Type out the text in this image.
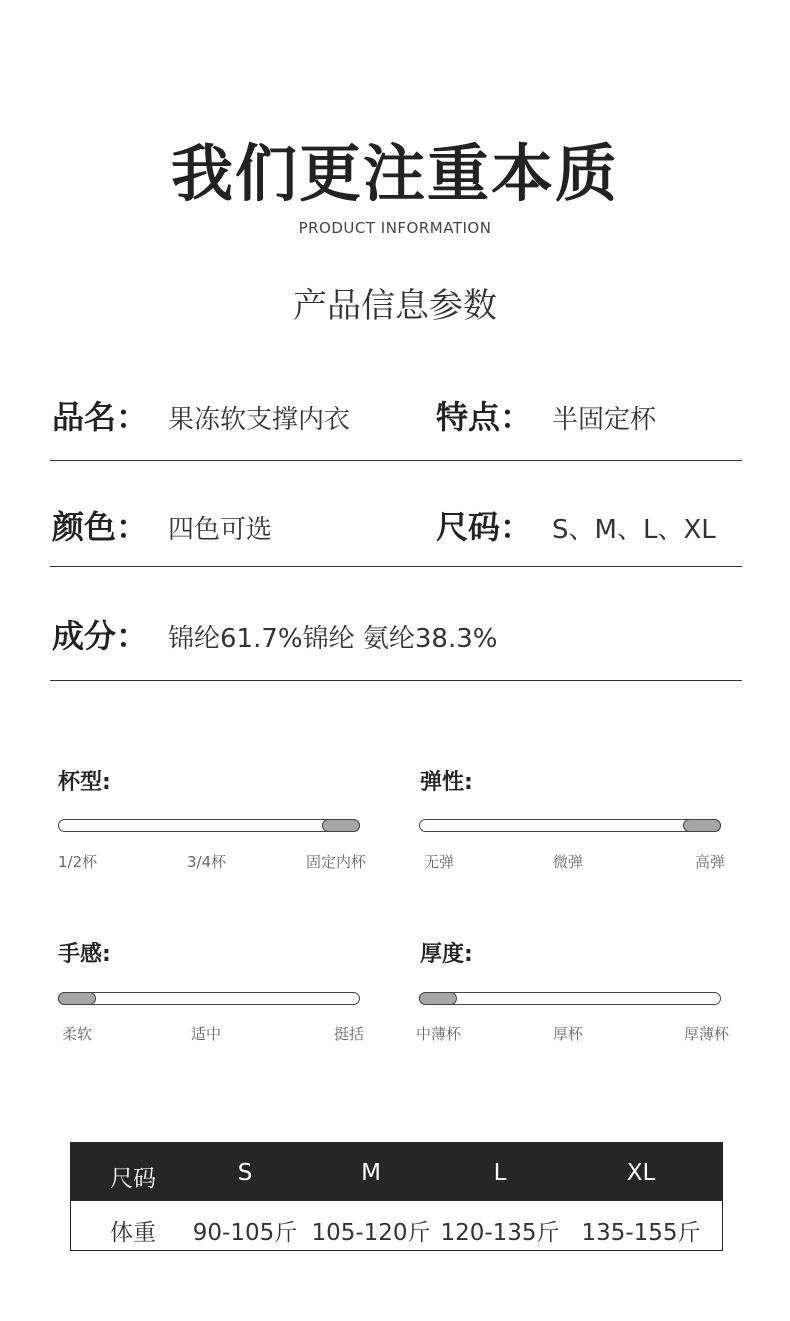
我们更注重本质
PRODUCT INFORMATION
产品信息参数
品名： 果冻软支撑内衣	特点： 半固定杯
颜色： 四色可选	尺码： S、M、L、XL
成分： 锦纶61.7%锦纶 氨纶38.3%
杯型:
1/2杯	3/4杯	固定内杯
弹性:
无弹	微弹	高弹
手感:
柔软	适中	挺括
厚度:
中薄杯	厚杯	厚薄杯
尺码	S	M	L	XL
体重 90-105斤 105-120斤 120-135斤 135-155斤
